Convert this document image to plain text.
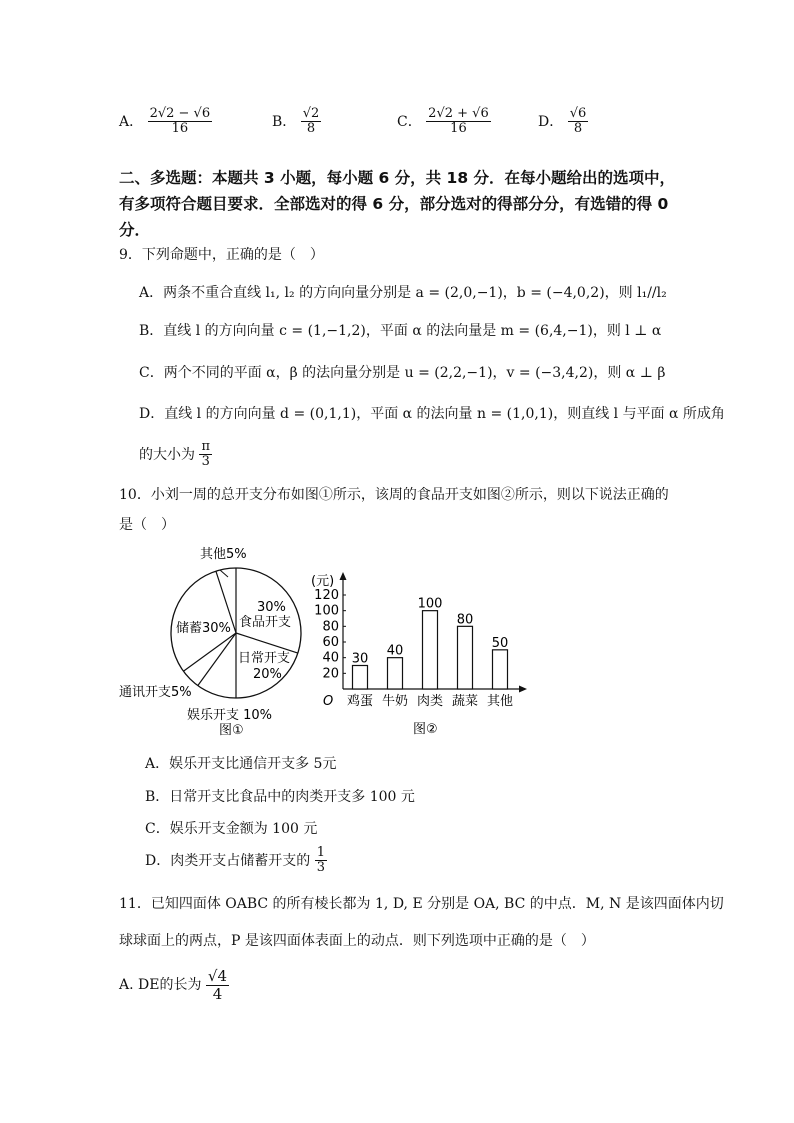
A． $\frac{2√2 - √6}{16}$	B． $\frac{√2}{8}$	C． $\frac{2√2 + √6}{16}$	D． $\frac{√6}{8}$
二、多选题：本题共 3 小题，每小题 6 分，共 18 分．在每小题给出的选项中，
有多项符合题目要求．全部选对的得 6 分，部分选对的得部分分，有选错的得 0
分．
9．下列命题中，正确的是（　）
A．两条不重合直线 l₁, l₂ 的方向向量分别是 a = (2,0,−1)，b = (−4,0,2)，则 l₁//l₂
B．直线 l 的方向向量 c = (1,−1,2)，平面 α 的法向量是 m = (6,4,−1)，则 l ⊥ α
C．两个不同的平面 α，β 的法向量分别是 u = (2,2,−1)，v = (−3,4,2)，则 α ⊥ β
D．直线 l 的方向向量 d = (0,1,1)，平面 α 的法向量 n = (1,0,1)，则直线 l 与平面 α 所成角
的大小为 $\frac{\pi}{3}$
10．小刘一周的总开支分布如图①所示，该周的食品开支如图②所示，则以下说法正确的
是（　）
其他5%
30%
食品开支
储蓄30%
日常开支
20%
通讯开支5%
娱乐开支 10%
图①
(元)
O
20
40
60
80
100
120
30
鸡蛋
40
牛奶
100
肉类
80
蔬菜
50
其他
图②
A．娱乐开支比通信开支多 5元
B．日常开支比食品中的肉类开支多 100 元
C．娱乐开支金额为 100 元
D．肉类开支占储蓄开支的 $\frac{1}{3}$
11．已知四面体 OABC 的所有棱长都为 1, D, E 分别是 OA, BC 的中点．M, N 是该四面体内切
球球面上的两点，P 是该四面体表面上的动点．则下列选项中正确的是（　）
A. DE的长为 $\frac{√4}{4}$
